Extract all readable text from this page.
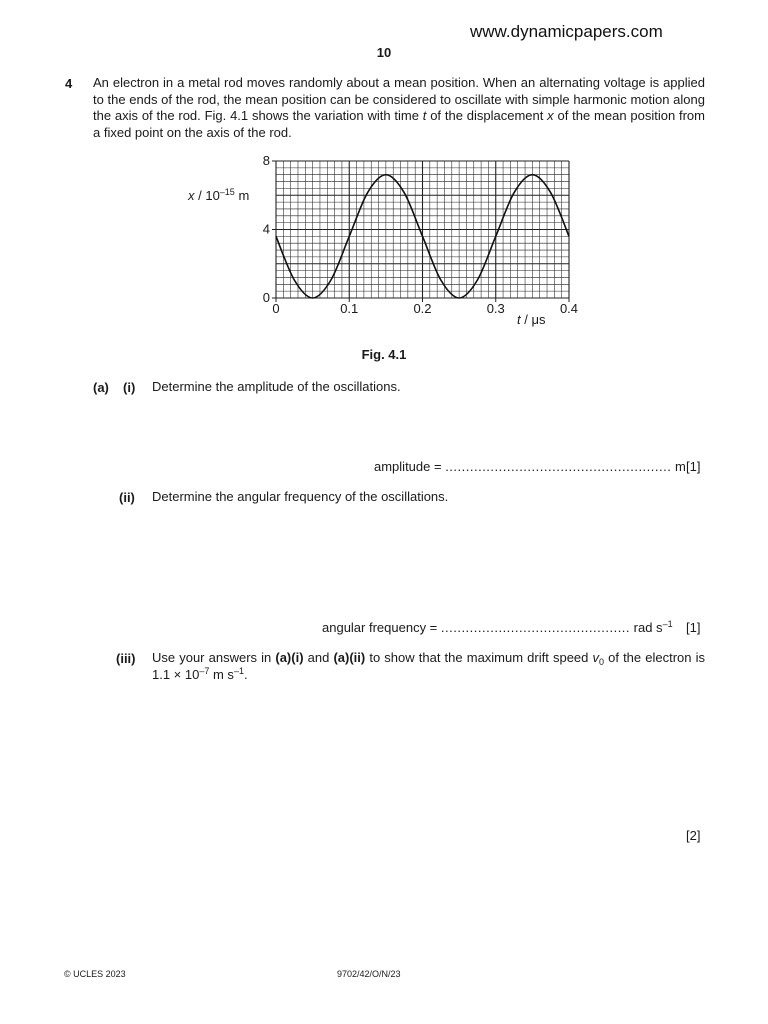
www.dynamicpapers.com
10
4 An electron in a metal rod moves randomly about a mean position. When an alternating voltage is applied to the ends of the rod, the mean position can be considered to oscillate with simple harmonic motion along the axis of the rod. Fig. 4.1 shows the variation with time t of the displacement x of the mean position from a fixed point on the axis of the rod.
0	0.1	0.2	0.3	0.4
0
4
8
x / $10^{-15}$ m
t / μs
Fig. 4.1
(a) (i) Determine the amplitude of the oscillations.
amplitude = ....................................................... m [1]
(ii) Determine the angular frequency of the oscillations.
angular frequency = .............................................. rad $s^{-1}$ [1]
(iii) Use your answers in (a)(i) and (a)(ii) to show that the maximum drift speed $v_0$ of the electron is $1.1 \times 10^{-7}$ m $s^{-1}$.
[2]
© UCLES 2023	9702/42/O/N/23
